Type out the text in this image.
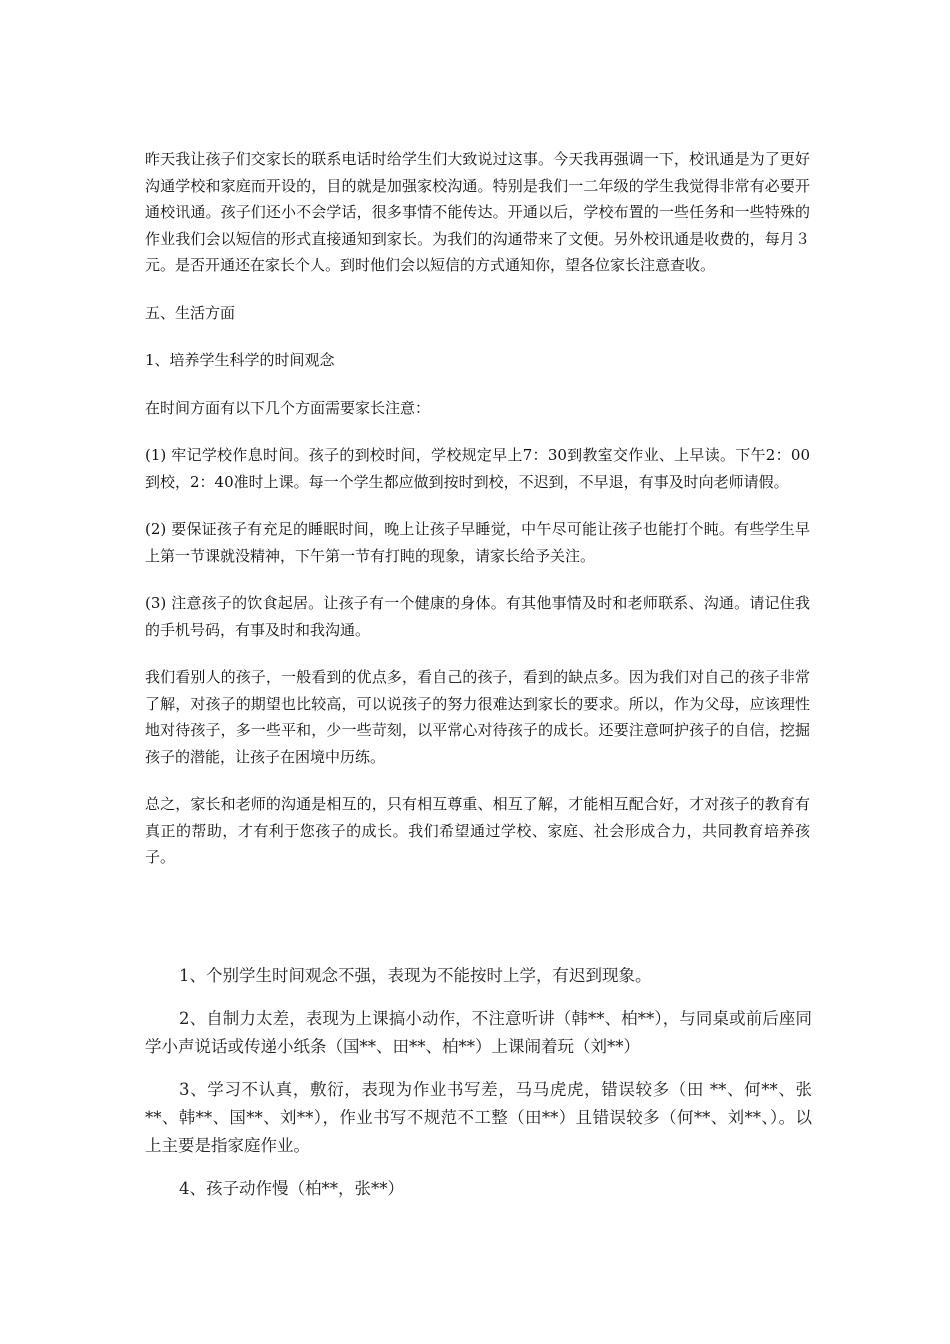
昨天我让孩子们交家长的联系电话时给学生们大致说过这事。今天我再强调一下，校讯通是为了更好沟通学校和家庭而开设的，目的就是加强家校沟通。特别是我们一二年级的学生我觉得非常有必要开通校讯通。孩子们还小不会学话，很多事情不能传达。开通以后，学校布置的一些任务和一些特殊的作业我们会以短信的形式直接通知到家长。为我们的沟通带来了文便。另外校讯通是收费的，每月３元。是否开通还在家长个人。到时他们会以短信的方式通知你，望各位家长注意查收。

五、生活方面

1、培养学生科学的时间观念

在时间方面有以下几个方面需要家长注意：

(1) 牢记学校作息时间。孩子的到校时间，学校规定早上7：30到教室交作业、上早读。下午2：00到校，2：40准时上课。每一个学生都应做到按时到校，不迟到，不早退，有事及时向老师请假。

(2) 要保证孩子有充足的睡眠时间，晚上让孩子早睡觉，中午尽可能让孩子也能打个盹。有些学生早上第一节课就没精神，下午第一节有打盹的现象，请家长给予关注。

(3) 注意孩子的饮食起居。让孩子有一个健康的身体。有其他事情及时和老师联系、沟通。请记住我的手机号码，有事及时和我沟通。

我们看别人的孩子，一般看到的优点多，看自己的孩子，看到的缺点多。因为我们对自己的孩子非常了解，对孩子的期望也比较高，可以说孩子的努力很难达到家长的要求。所以，作为父母，应该理性地对待孩子，多一些平和，少一些苛刻，以平常心对待孩子的成长。还要注意呵护孩子的自信，挖掘孩子的潜能，让孩子在困境中历练。

总之，家长和老师的沟通是相互的，只有相互尊重、相互了解，才能相互配合好，才对孩子的教育有真正的帮助，才有利于您孩子的成长。我们希望通过学校、家庭、社会形成合力，共同教育培养孩子。

1、个别学生时间观念不强，表现为不能按时上学，有迟到现象。

2、自制力太差，表现为上课搞小动作，不注意听讲（韩**、柏**），与同桌或前后座同学小声说话或传递小纸条（国**、田**、柏**）上课闹着玩（刘**）

3、学习不认真，敷衍，表现为作业书写差，马马虎虎，错误较多（田 **、何**、张**、韩**、国**、刘**），作业书写不规范不工整（田**）且错误较多（何**、刘**、）。以上主要是指家庭作业。

4、孩子动作慢（柏**，张**）
